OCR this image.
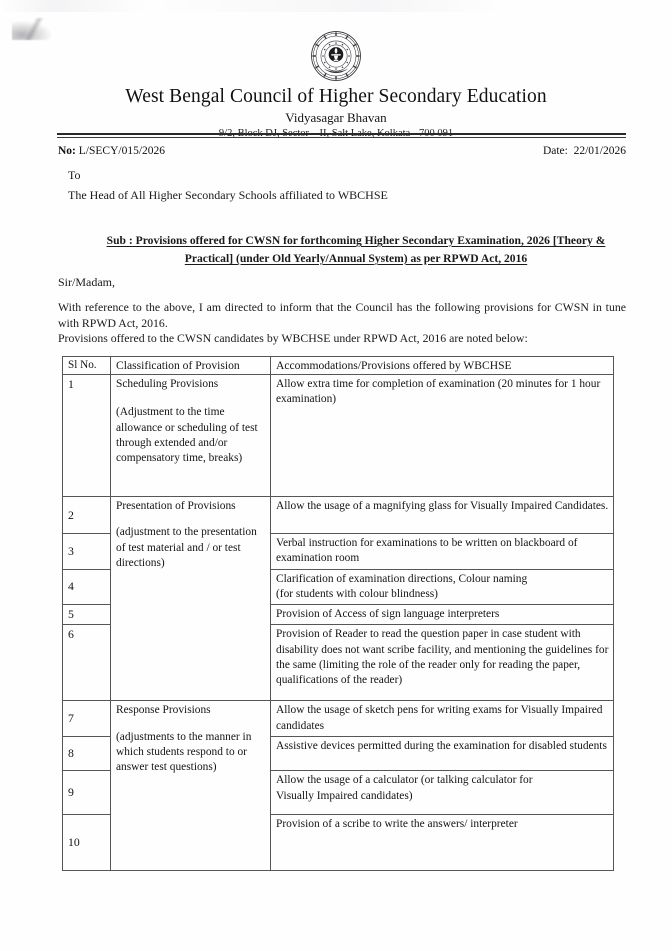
West Bengal Council of Higher Secondary Education
Vidyasagar Bhavan
No: L/SECY/015/2026	Date: 22/01/2026
To
The Head of All Higher Secondary Schools affiliated to WBCHSE
Sub : Provisions offered for CWSN for forthcoming Higher Secondary Examination, 2026 [Theory &
Practical] (under Old Yearly/Annual System) as per RPWD Act, 2016
Sir/Madam,
With reference to the above, I am directed to inform that the Council has the following provisions for CWSN in tune with RPWD Act, 2016.
Provisions offered to the CWSN candidates by WBCHSE under RPWD Act, 2016 are noted below:
Sl No.	Classification of Provision	Accommodations/Provisions offered by WBCHSE
1	Scheduling Provisions
(Adjustment to the time allowance or scheduling of test through extended and/or compensatory time, breaks)	Allow extra time for completion of examination (20 minutes for 1 hour examination)
2	Presentation of Provisions
(adjustment to the presentation of test material and / or test directions)	Allow the usage of a magnifying glass for Visually Impaired Candidates.
3		Verbal instruction for examinations to be written on blackboard of examination room
4		Clarification of examination directions, Colour naming
(for students with colour blindness)

5		Provision of Access of sign language interpreters
6		Provision of Reader to read the question paper in case student with disability does not want scribe facility, and mentioning the guidelines for the same (limiting the role of the reader only for reading the paper, qualifications of the reader)
7	Response Provisions
(adjustments to the manner in which students respond to or answer test questions)	Allow the usage of sketch pens for writing exams for Visually Impaired candidates
8		Assistive devices permitted during the examination for disabled students
9		Allow the usage of a calculator (or talking calculator for
Visually Impaired candidates)

10		Provision of a scribe to write the answers/ interpreter
